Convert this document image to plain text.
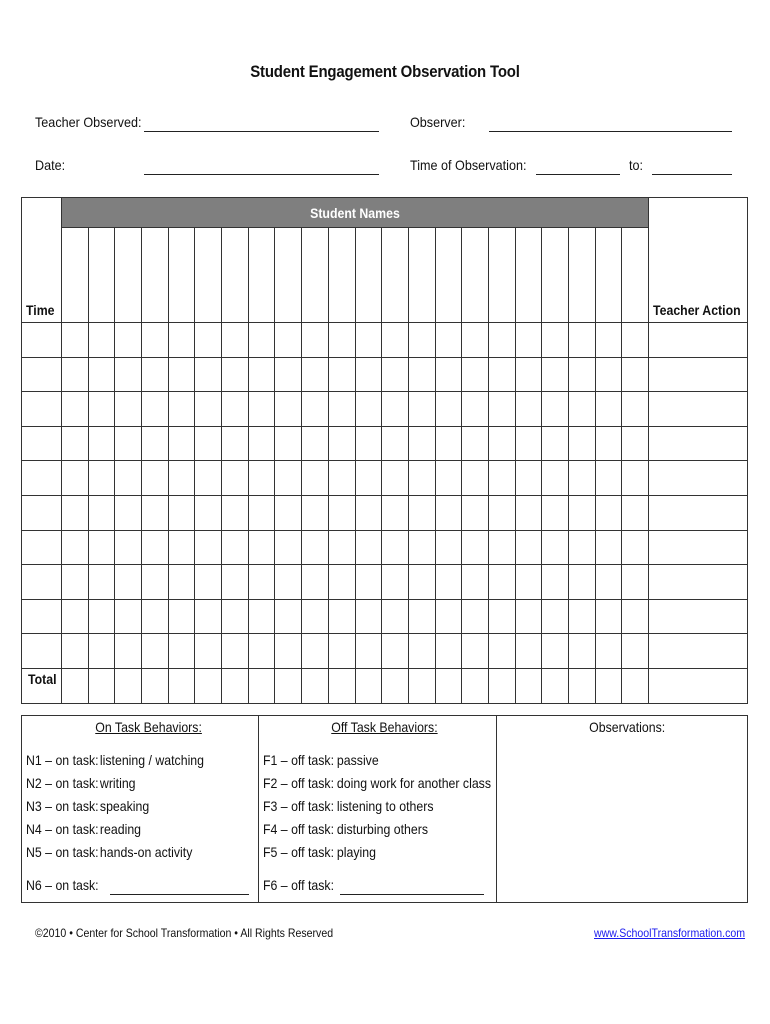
Student Engagement Observation Tool
Teacher Observed:	Observer:
Date:	Time of Observation:	to:
Student Names
Time	Teacher Action
Total
On Task Behaviors:	Off Task Behaviors:	Observations:
N1 – on task:listening / watching
N2 – on task:writing
N3 – on task:speaking
N4 – on task:reading
N5 – on task:hands-on activity
N6 – on task:
F1 – off task: passive
F2 – off task: doing work for another class
F3 – off task: listening to others
F4 – off task: disturbing others
F5 – off task: playing
F6 – off task:
©2010 • Center for School Transformation • All Rights Reserved	www.SchoolTransformation.com
